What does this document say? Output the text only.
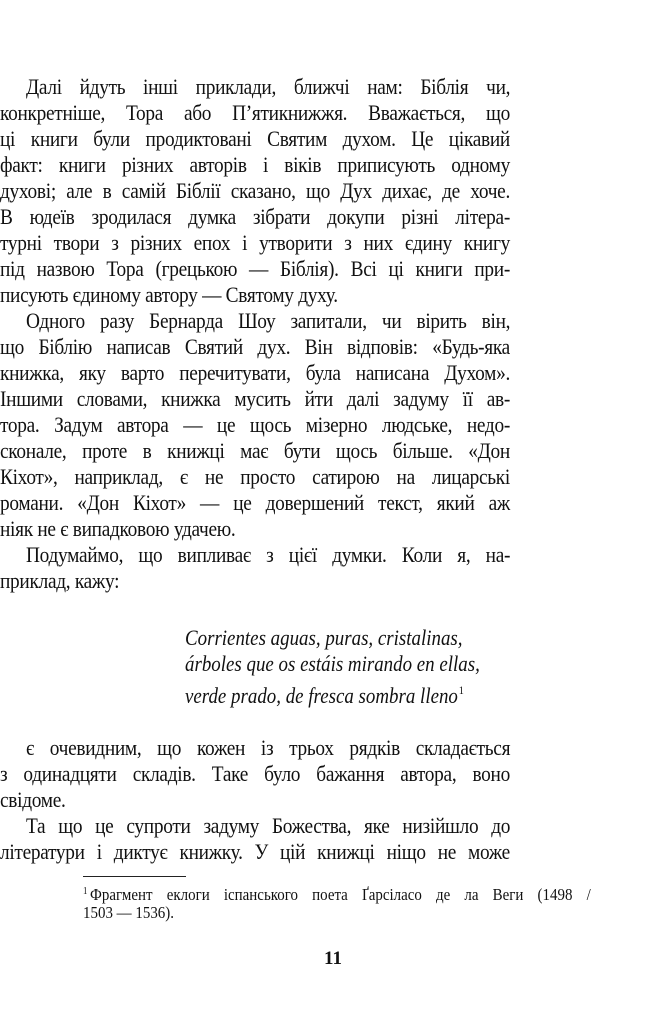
Далі йдуть інші приклади, ближчі нам: Біблія чи,
конкретніше, Тора або П’ятикнижжя. Вважається, що
ці книги були продиктовані Святим духом. Це цікавий
факт: книги різних авторів і віків приписують одному
духові; але в самій Біблії сказано, що Дух дихає, де хоче.
В юдеїв зродилася думка зібрати докупи різні літера-
турні твори з різних епох і утворити з них єдину книгу
під назвою Тора (грецькою — Біблія). Всі ці книги при-
писують єдиному автору — Святому духу.
Одного разу Бернарда Шоу запитали, чи вірить він,
що Біблію написав Святий дух. Він відповів: «Будь-яка
книжка, яку варто перечитувати, була написана Духом».
Іншими словами, книжка мусить йти далі задуму її ав-
тора. Задум автора — це щось мізерно людське, недо-
сконале, проте в книжці має бути щось більше. «Дон
Кіхот», наприклад, є не просто сатирою на лицарські
романи. «Дон Кіхот» — це довершений текст, який аж
ніяк не є випадковою удачею.
Подумаймо, що випливає з цієї думки. Коли я, на-
приклад, кажу:
Corrientes aguas, puras, cristalinas,
árboles que os estáis mirando en ellas,
verde prado, de fresca sombra lleno$^1$
є очевидним, що кожен із трьох рядків складається
з одинадцяти складів. Таке було бажання автора, воно
свідоме.
Та що це супроти задуму Божества, яке низійшло до
літератури і диктує книжку. У цій книжці ніщо не може
$^1$ Фрагмент еклоги іспанського поета Ґарсіласо де ла Веги (1498 /
1503 — 1536).
11
